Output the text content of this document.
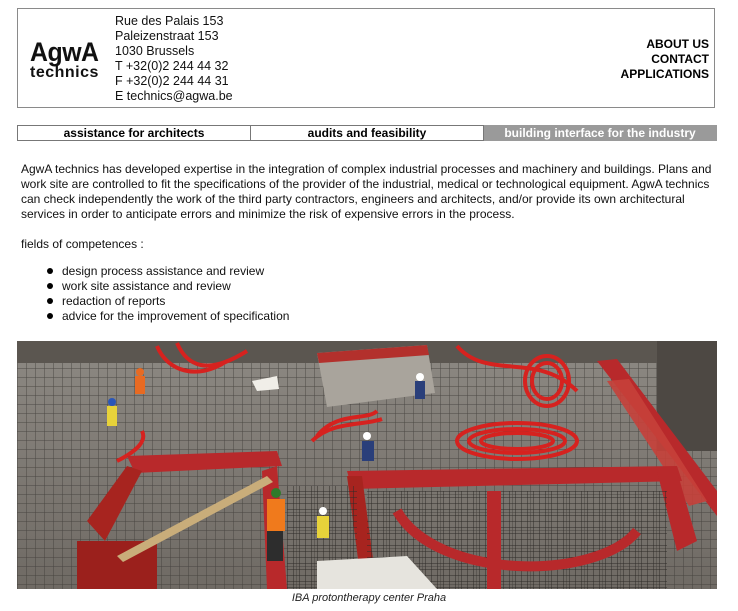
AgwA
technics
Rue des Palais 153
Paleizenstraat 153
1030 Brussels
T +32(0)2 244 44 32
F +32(0)2 244 44 31
E technics@agwa.be
ABOUT US
CONTACT
APPLICATIONS
assistance for architects	audits and feasibility	building interface for the industry

AgwA technics has developed expertise in the integration of complex industrial processes and machinery and buildings. Plans and work site are controlled to fit the specifications of the provider of the industrial, medical or technological equipment. AgwA technics can check independently the work of the third party contractors, engineers and architects, and/or provide its own architectural services in order to anticipate errors and minimize the risk of expensive errors in the process.

fields of competences :

design process assistance and review
work site assistance and review
redaction of reports
advice for the improvement of specification
IBA protontherapy center Praha
